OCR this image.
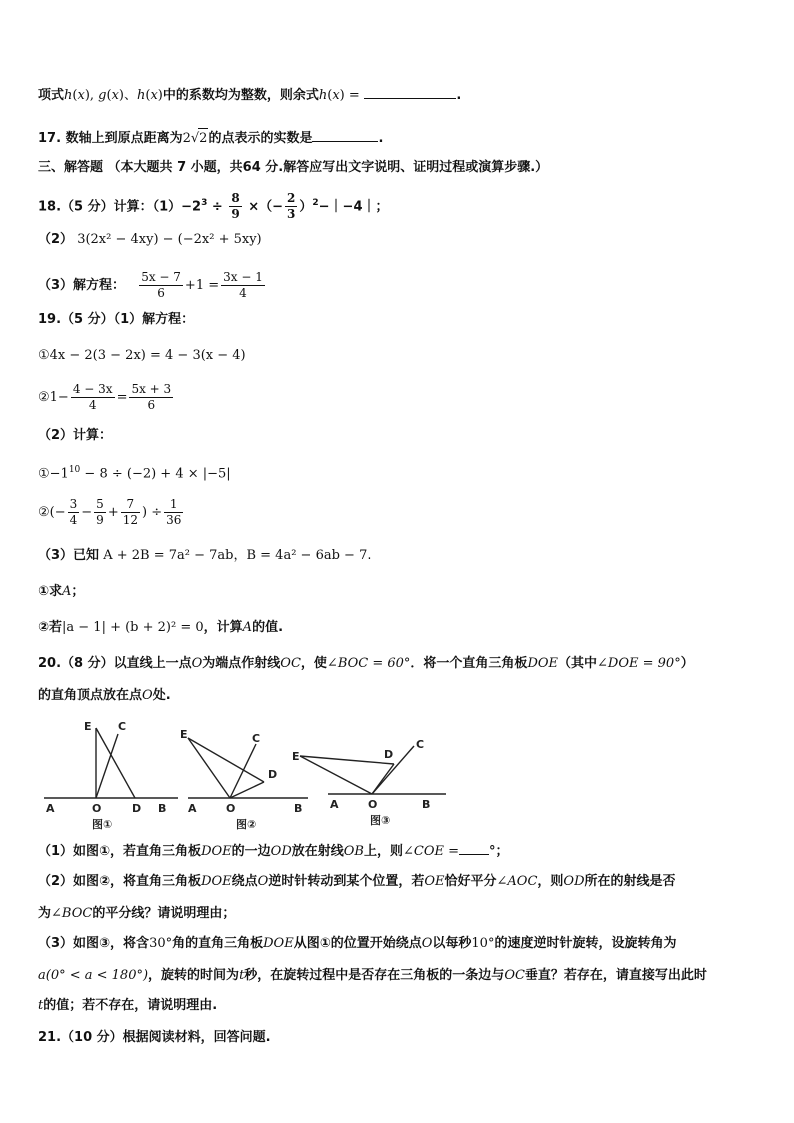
项式h(x), g(x)、h(x)中的系数均为整数，则余式h(x) =	.
17. 数轴上到原点距离为2√2的点表示的实数是	.
三、解答题 （本大题共 7 小题，共64 分.解答应写出文字说明、证明过程或演算步骤.）
18.（5 分）计算：$(1)-2^3 \div \frac{8}{9}$ ×（− $\frac{2}{3}$ ）$^2$−｜−4｜；
（2） 3(2x² − 4xy) − (−2x² + 5xy)
（3）解方程： $\frac{5x - 7}{6} +1 = \frac{3x - 1}{4}$
19.（5 分）（1）解方程：
①4x − 2(3 − 2x) = 4 − 3(x − 4)
②1− $\frac{4 - 3x}{4} = \frac{5x + 3}{6}$
（2）计算：
$①-1^{10} - 8 \div (-2) + 4 \times |-5|$
②(− $\frac{3}{4} - \frac{5}{9} + \frac{7}{12}$ ) ÷ $\frac{1}{36}$
（3）已知 A + 2B = 7a² − 7ab，B = 4a² − 6ab − 7.
①求A；
②若|a − 1| + (b + 2)² = 0，计算A的值.
20.（8 分）以直线上一点O为端点作射线OC，使∠BOC = 60°．将一个直角三角板DOE（其中∠DOE = 90°）
的直角顶点放在点O处.
E C
A	O	D B
图①
E	C
D
A	O	B
图②
E	D
C
A	O	B
图③
（1）如图①，若直角三角板DOE的一边OD放在射线OB上，则∠COE = °；
（2）如图②，将直角三角板DOE绕点O逆时针转动到某个位置，若OE恰好平分∠AOC，则OD所在的射线是否
为∠BOC的平分线？请说明理由；
（3）如图③，将含30°角的直角三角板DOE从图①的位置开始绕点O以每秒10°的速度逆时针旋转，设旋转角为
a(0° < a < 180°)，旋转的时间为t秒，在旋转过程中是否存在三角板的一条边与OC垂直？若存在，请直接写出此时
t的值；若不存在，请说明理由.
21.（10 分）根据阅读材料，回答问题.
